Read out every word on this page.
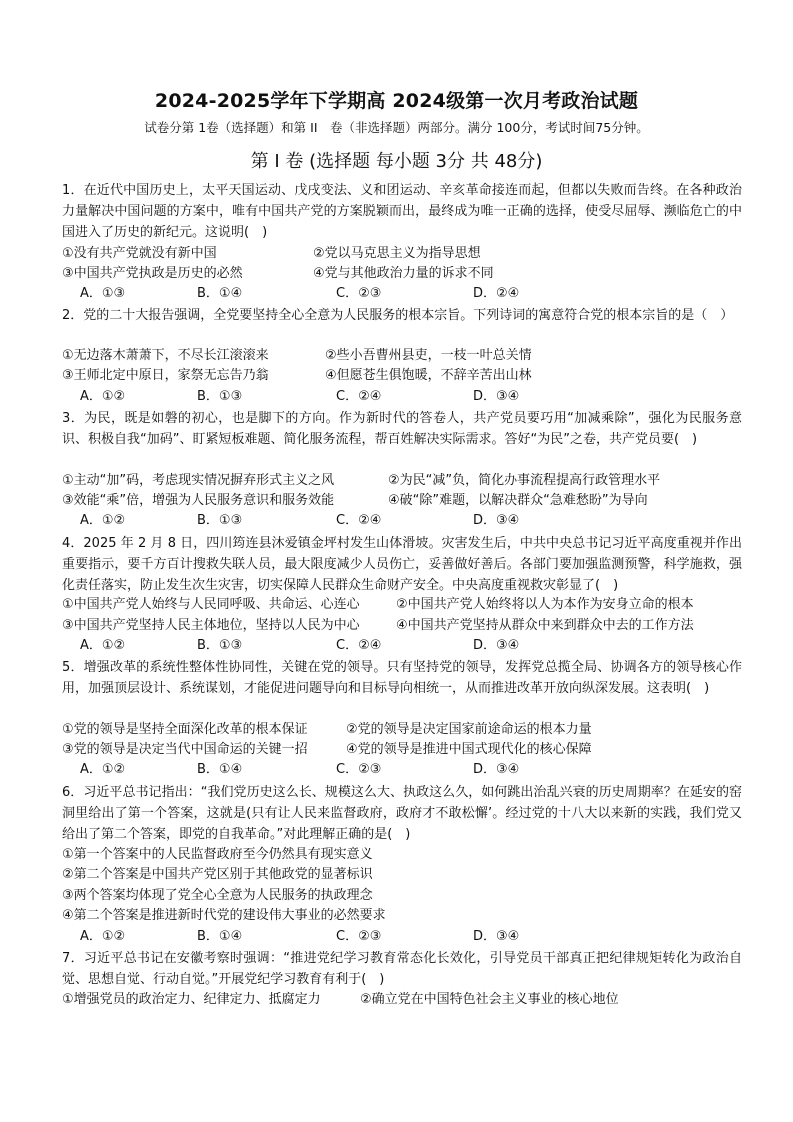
2024-2025学年下学期高 2024级第一次月考政治试题
试卷分第 1卷（选择题）和第 II　卷（非选择题）两部分。满分 100分，考试时间75分钟。
第 I 卷 (选择题 每小题 3分 共 48分)
1．在近代中国历史上，太平天国运动、戊戌变法、义和团运动、辛亥革命接连而起，但都以失败而告终。在各种政治力量解决中国问题的方案中，唯有中国共产党的方案脱颖而出，最终成为唯一正确的选择，使受尽屈辱、濒临危亡的中国进入了历史的新纪元。这说明(　)
①没有共产党就没有新中国	②党以马克思主义为指导思想
③中国共产党执政是历史的必然	④党与其他政治力量的诉求不同
A．①③	B．①④	C．②③	D．②④
2．党的二十大报告强调，全党要坚持全心全意为人民服务的根本宗旨。下列诗词的寓意符合党的根本宗旨的是（　）
①无边落木萧萧下，不尽长江滚滚来	②些小吾曹州县吏，一枝一叶总关情
③王师北定中原日，家祭无忘告乃翁	④但愿苍生俱饱暖，不辞辛苦出山林
A．①②	B．①③	C．②④	D．③④
3．为民，既是如磐的初心，也是脚下的方向。作为新时代的答卷人，共产党员要巧用“加减乘除”，强化为民服务意识、积极自我“加码”、盯紧短板难题、简化服务流程，帮百姓解决实际需求。答好“为民”之卷，共产党员要(　)
①主动“加”码，考虑现实情况摒弃形式主义之风	②为民“减”负，简化办事流程提高行政管理水平
③效能“乘”倍，增强为人民服务意识和服务效能	④破“除”难题，以解决群众“急难愁盼”为导向
A．①②	B．①③	C．②④	D．③④
4．2025 年 2 月 8 日，四川筠连县沐爱镇金坪村发生山体滑坡。灾害发生后，中共中央总书记习近平高度重视并作出重要指示，要千方百计搜救失联人员，最大限度减少人员伤亡，妥善做好善后。各部门要加强监测预警，科学施救，强化责任落实，防止发生次生灾害，切实保障人民群众生命财产安全。中央高度重视救灾彰显了(　)
①中国共产党人始终与人民同呼吸、共命运、心连心	②中国共产党人始终将以人为本作为安身立命的根本
③中国共产党坚持人民主体地位，坚持以人民为中心	④中国共产党坚持从群众中来到群众中去的工作方法
A．①②	B．①③	C．②④	D．③④
5．增强改革的系统性整体性协同性，关键在党的领导。只有坚持党的领导，发挥党总揽全局、协调各方的领导核心作用，加强顶层设计、系统谋划，才能促进问题导向和目标导向相统一，从而推进改革开放向纵深发展。这表明(　)
①党的领导是坚持全面深化改革的根本保证	②党的领导是决定国家前途命运的根本力量
③党的领导是决定当代中国命运的关键一招	④党的领导是推进中国式现代化的核心保障
A．①②	B．①④	C．②③	D．③④
6．习近平总书记指出：“我们党历史这么长、规模这么大、执政这么久，如何跳出治乱兴衰的历史周期率？在延安的窑洞里给出了第一个答案，这就是(只有让人民来监督政府，政府才不敢松懈’。经过党的十八大以来新的实践，我们党又给出了第二个答案，即党的自我革命。”对此理解正确的是(　)
①第一个答案中的人民监督政府至今仍然具有现实意义
②第二个答案是中国共产党区别于其他政党的显著标识
③两个答案均体现了党全心全意为人民服务的执政理念
④第二个答案是推进新时代党的建设伟大事业的必然要求
A．①②	B．①④	C．②③	D．③④
7．习近平总书记在安徽考察时强调：“推进党纪学习教育常态化长效化，引导党员干部真正把纪律规矩转化为政治自觉、思想自觉、行动自觉。”开展党纪学习教育有利于(　)
①增强党员的政治定力、纪律定力、抵腐定力	②确立党在中国特色社会主义事业的核心地位
